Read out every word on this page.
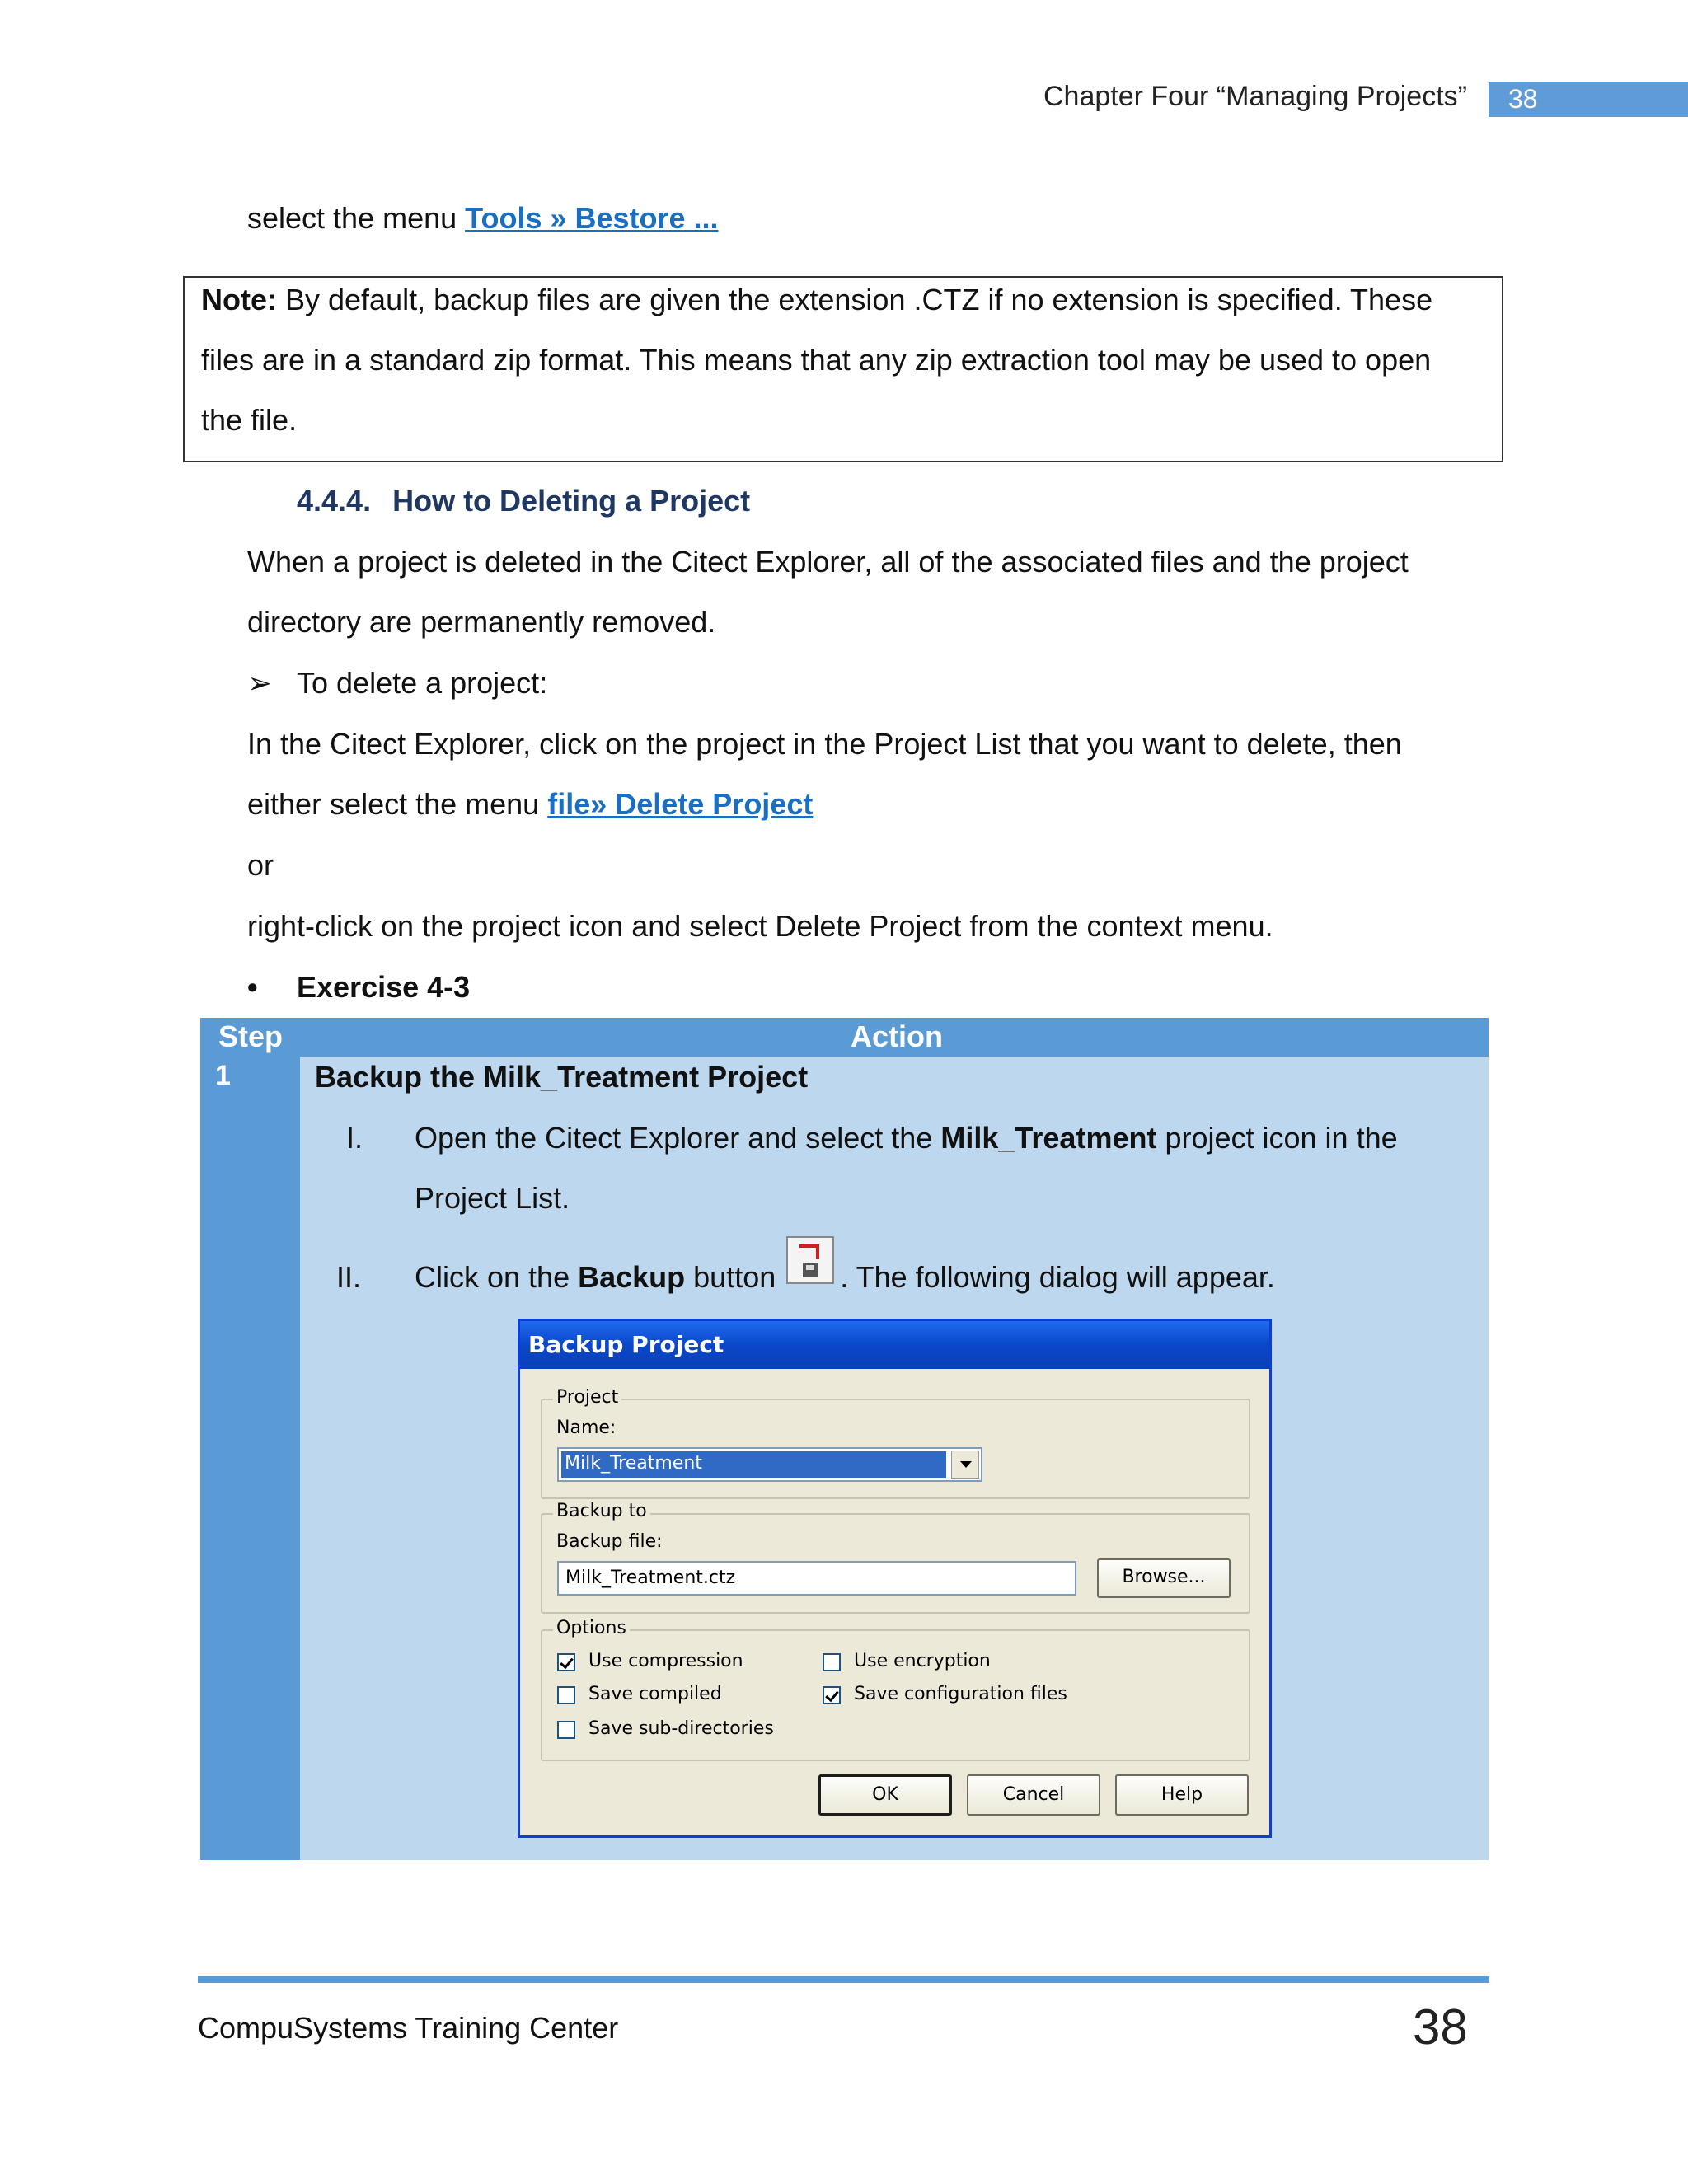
Chapter Four “Managing Projects” 38
select the menu Tools » Bestore ...
Note: By default, backup files are given the extension .CTZ if no extension is specified. These
files are in a standard zip format. This means that any zip extraction tool may be used to open
the file.
4.4.4. How to Deleting a Project
When a project is deleted in the Citect Explorer, all of the associated files and the project
directory are permanently removed.
➢ To delete a project:
In the Citect Explorer, click on the project in the Project List that you want to delete, then
either select the menu file» Delete Project
or
right-click on the project icon and select Delete Project from the context menu.
• Exercise 4-3
Step	Action
1	Backup the Milk_Treatment Project
I. Open the Citect Explorer and select the Milk_Treatment project icon in the
Project List.
II. Click on the Backup button . The following dialog will appear.
Backup Project
Project
Name:
Milk_Treatment
Backup to
Backup file:
Milk_Treatment.ctz	Browse...
Options
Use compression
Save compiled
Save sub-directories
Use encryption
Save configuration files
OK	Cancel	Help
CompuSystems Training Center	38
